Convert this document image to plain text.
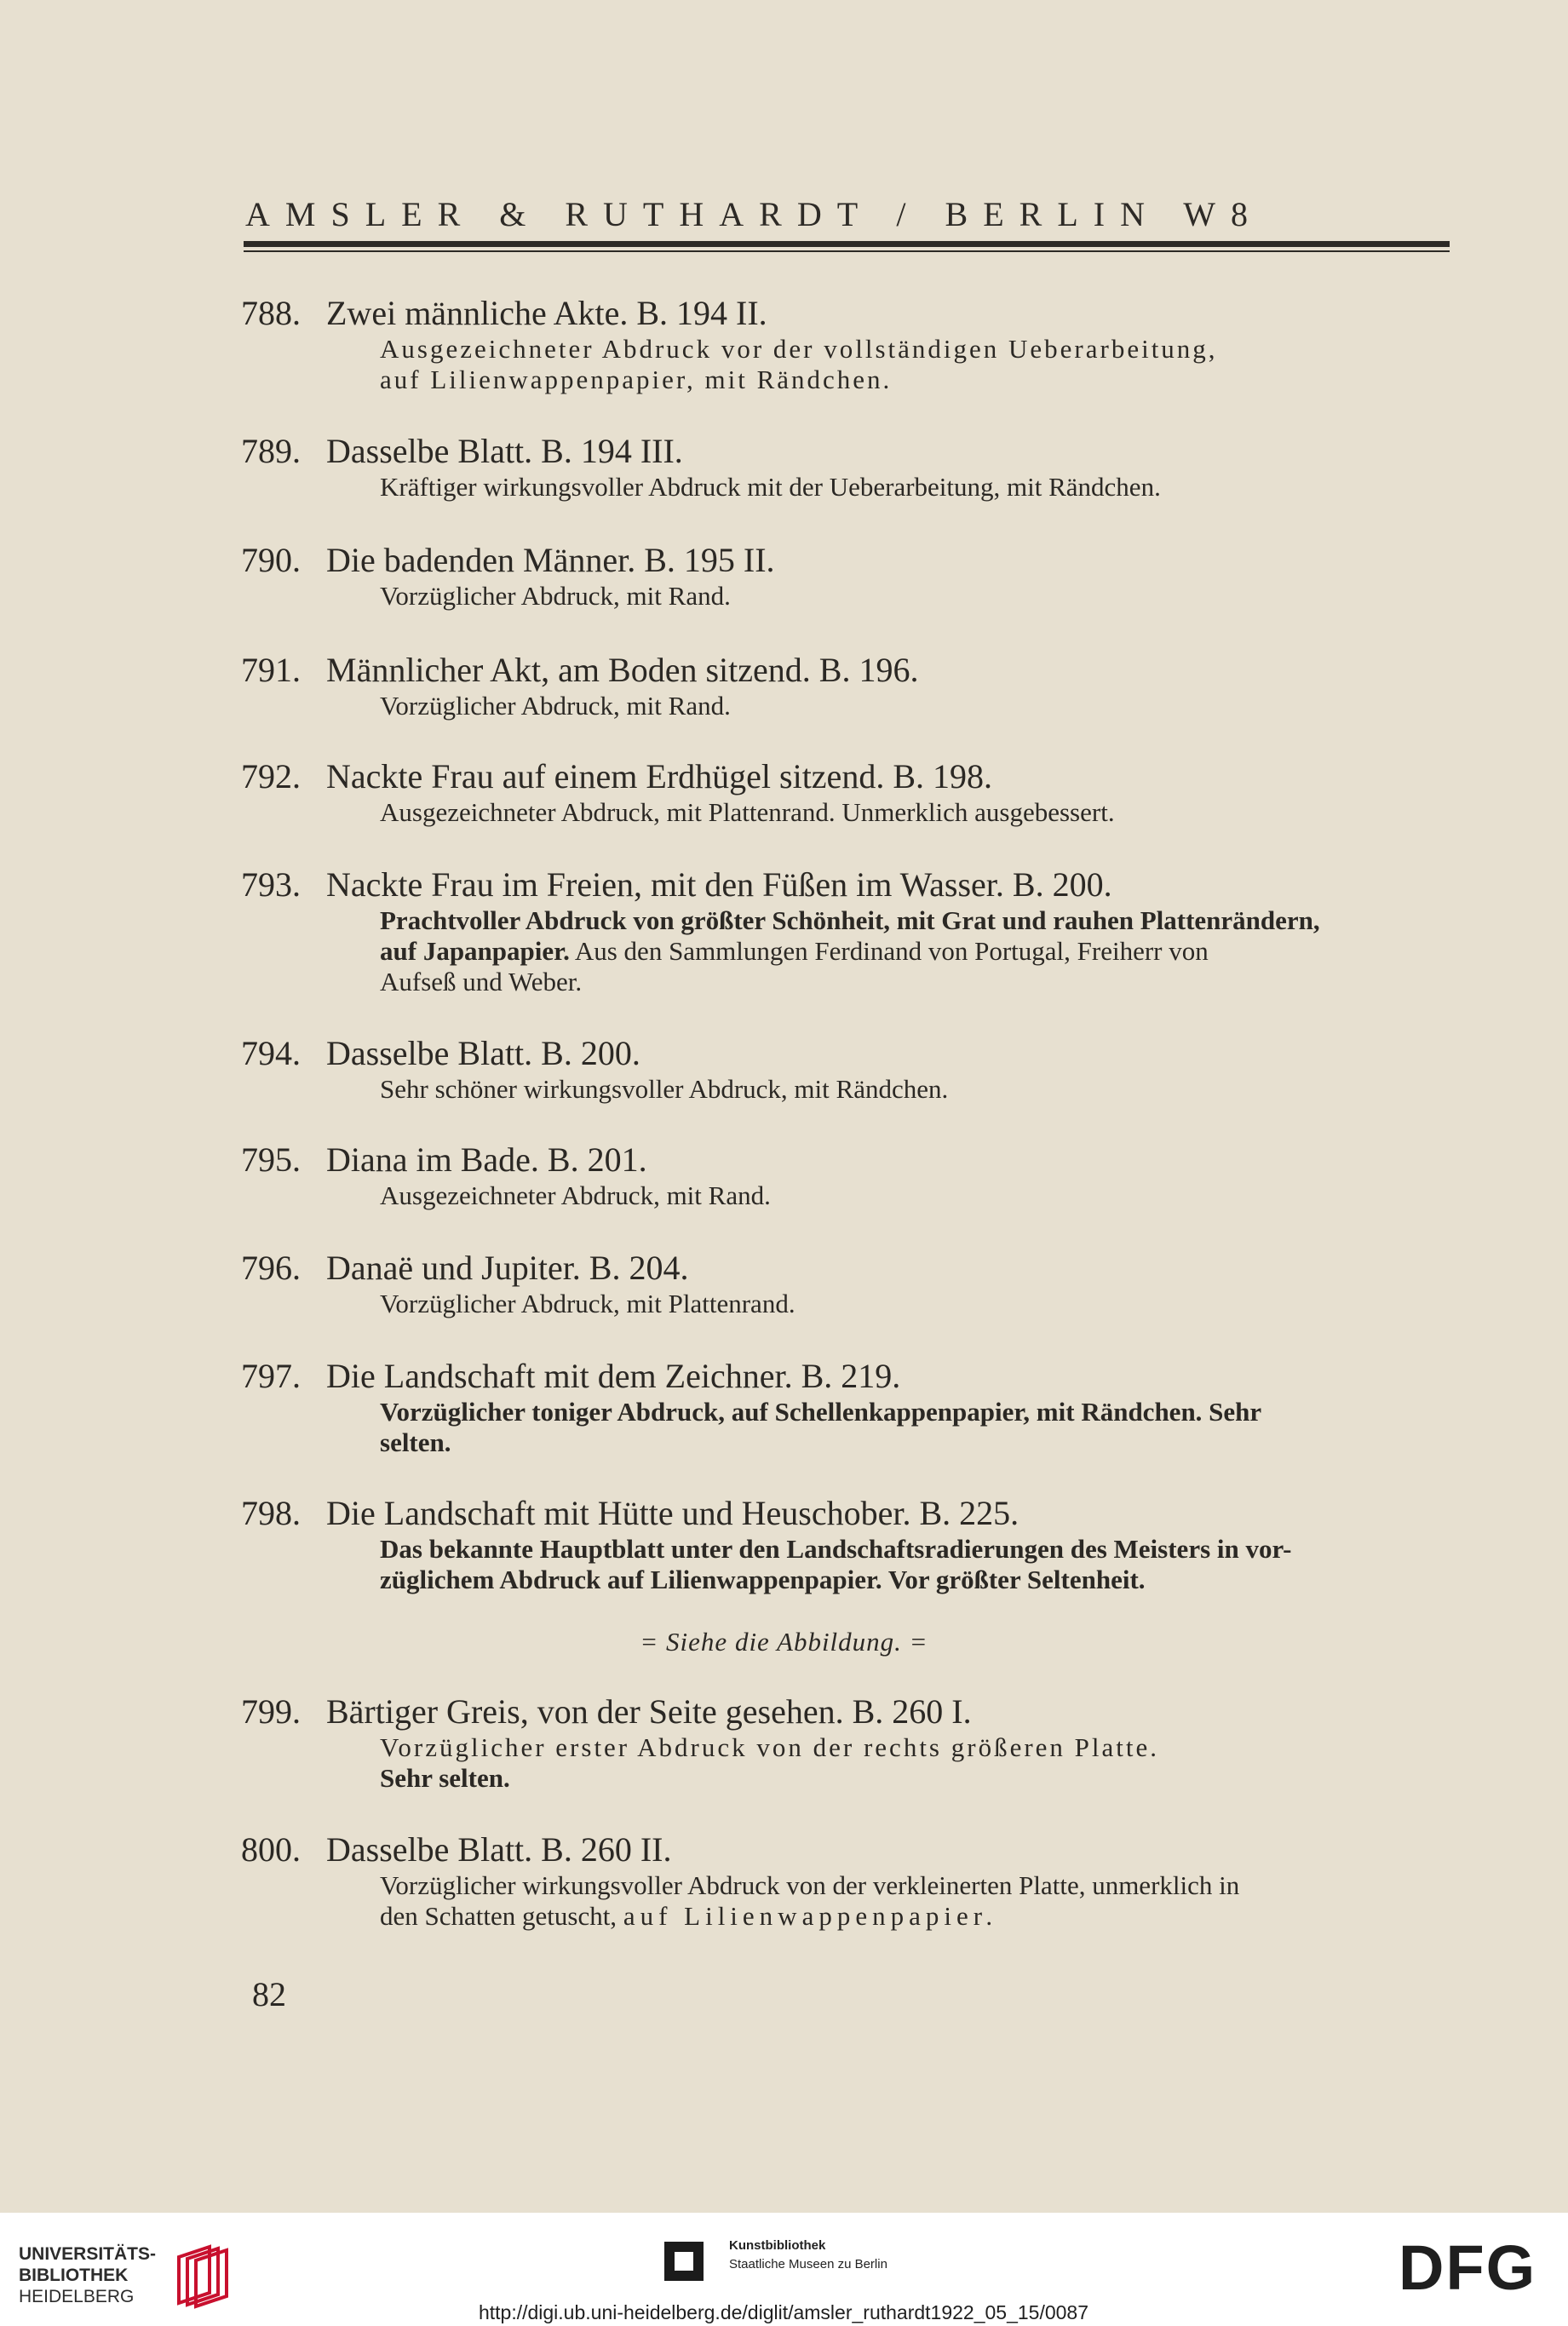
AMSLER & RUTHARDT / BERLIN W8
788. Zwei männliche Akte. B. 194 II.
Ausgezeichneter Abdruck vor der vollständigen Ueberarbeitung,
auf Lilienwappenpapier, mit Rändchen.
789. Dasselbe Blatt. B. 194 III.
Kräftiger wirkungsvoller Abdruck mit der Ueberarbeitung, mit Rändchen.
790. Die badenden Männer. B. 195 II.
Vorzüglicher Abdruck, mit Rand.
791. Männlicher Akt, am Boden sitzend. B. 196.
Vorzüglicher Abdruck, mit Rand.
792. Nackte Frau auf einem Erdhügel sitzend. B. 198.
Ausgezeichneter Abdruck, mit Plattenrand. Unmerklich ausgebessert.
793. Nackte Frau im Freien, mit den Füßen im Wasser. B. 200.
Prachtvoller Abdruck von größter Schönheit, mit Grat und rauhen Plattenrändern,
auf Japanpapier. Aus den Sammlungen Ferdinand von Portugal, Freiherr von
Aufseß und Weber.
794. Dasselbe Blatt. B. 200.
Sehr schöner wirkungsvoller Abdruck, mit Rändchen.
795. Diana im Bade. B. 201.
Ausgezeichneter Abdruck, mit Rand.
796. Danaë und Jupiter. B. 204.
Vorzüglicher Abdruck, mit Plattenrand.
797. Die Landschaft mit dem Zeichner. B. 219.
Vorzüglicher toniger Abdruck, auf Schellenkappenpapier, mit Rändchen. Sehr
selten.
798. Die Landschaft mit Hütte und Heuschober. B. 225.
Das bekannte Hauptblatt unter den Landschaftsradierungen des Meisters in vor-
züglichem Abdruck auf Lilienwappenpapier. Vor größter Seltenheit.
= Siehe die Abbildung. =
799. Bärtiger Greis, von der Seite gesehen. B. 260 I.
Vorzüglicher erster Abdruck von der rechts größeren Platte.
Sehr selten.
800. Dasselbe Blatt. B. 260 II.
Vorzüglicher wirkungsvoller Abdruck von der verkleinerten Platte, unmerklich in
den Schatten getuscht, auf Lilienwappenpapier.
82
UNIVERSITÄTS-
BIBLIOTHEK
HEIDELBERG
Kunstbibliothek
Staatliche Museen zu Berlin	DFG
http://digi.ub.uni-heidelberg.de/diglit/amsler_ruthardt1922_05_15/0087
